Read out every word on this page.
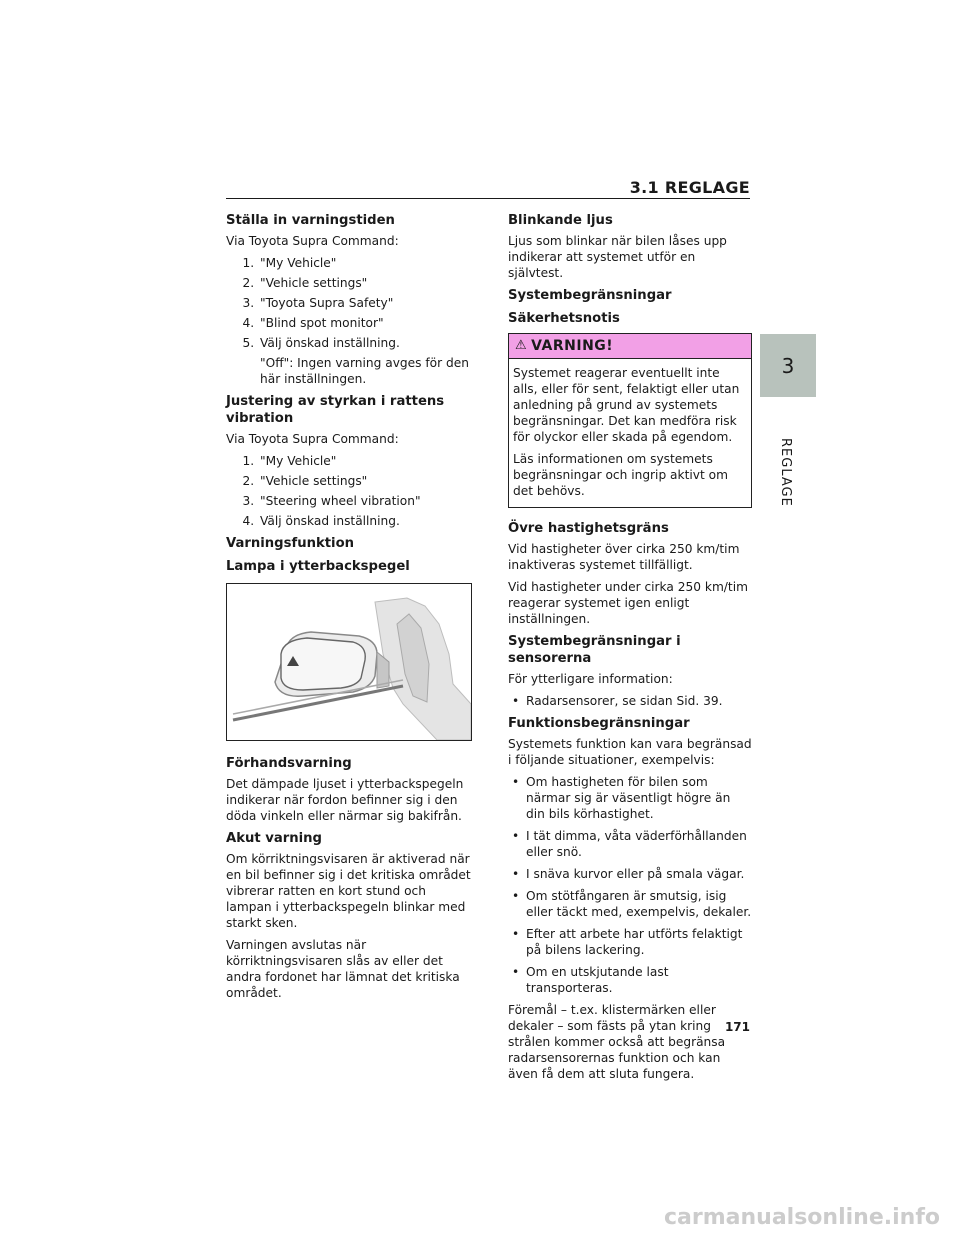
3.1 REGLAGE
3
REGLAGE
Ställa in varningstiden

Via Toyota Supra Command:

1. "My Vehicle"
2. "Vehicle settings"
3. "Toyota Supra Safety"
4. "Blind spot monitor"
5. Välj önskad inställning.
"Off": Ingen varning avges för den här inställningen.
Justering av styrkan i rattens vibration

Via Toyota Supra Command:

1. "My Vehicle"
2. "Vehicle settings"
3. "Steering wheel vibration"
4. Välj önskad inställning.
Varningsfunktion
Lampa i ytterbackspegel
Förhandsvarning

Det dämpade ljuset i ytterbackspegeln indikerar när fordon befinner sig i den döda vinkeln eller närmar sig bakifrån.

Akut varning

Om körriktningsvisaren är aktiverad när en bil befinner sig i det kritiska området vibrerar ratten en kort stund och lampan i ytterbackspegeln blinkar med starkt sken.

Varningen avslutas när körriktningsvisaren slås av eller det andra fordonet har lämnat det kritiska området.

Blinkande ljus

Ljus som blinkar när bilen låses upp indikerar att systemet utför en självtest.

Systembegränsningar
Säkerhetsnotis
⚠ VARNING!

Systemet reagerar eventuellt inte alls, eller för sent, felaktigt eller utan anledning på grund av systemets begränsningar. Det kan medföra risk för olyckor eller skada på egendom.

Läs informationen om systemets begränsningar och ingrip aktivt om det behövs.

Övre hastighetsgräns

Vid hastigheter över cirka 250 km/tim inaktiveras systemet tillfälligt.

Vid hastigheter under cirka 250 km/tim reagerar systemet igen enligt inställningen.

Systembegränsningar i sensorerna

För ytterligare information:

• Radarsensorer, se sidan Sid. 39.
Funktionsbegränsningar

Systemets funktion kan vara begränsad i följande situationer, exempelvis:

• Om hastigheten för bilen som närmar sig är väsentligt högre än din bils körhastighet.
• I tät dimma, våta väderförhållanden eller snö.
• I snäva kurvor eller på smala vägar.
• Om stötfångaren är smutsig, isig eller täckt med, exempelvis, dekaler.
• Efter att arbete har utförts felaktigt på bilens lackering.
• Om en utskjutande last transporteras.

Föremål – t.ex. klistermärken eller dekaler – som fästs på ytan kring strålen kommer också att begränsa radarsensorernas funktion och kan även få dem att sluta fungera.

171
carmanualsonline.info
